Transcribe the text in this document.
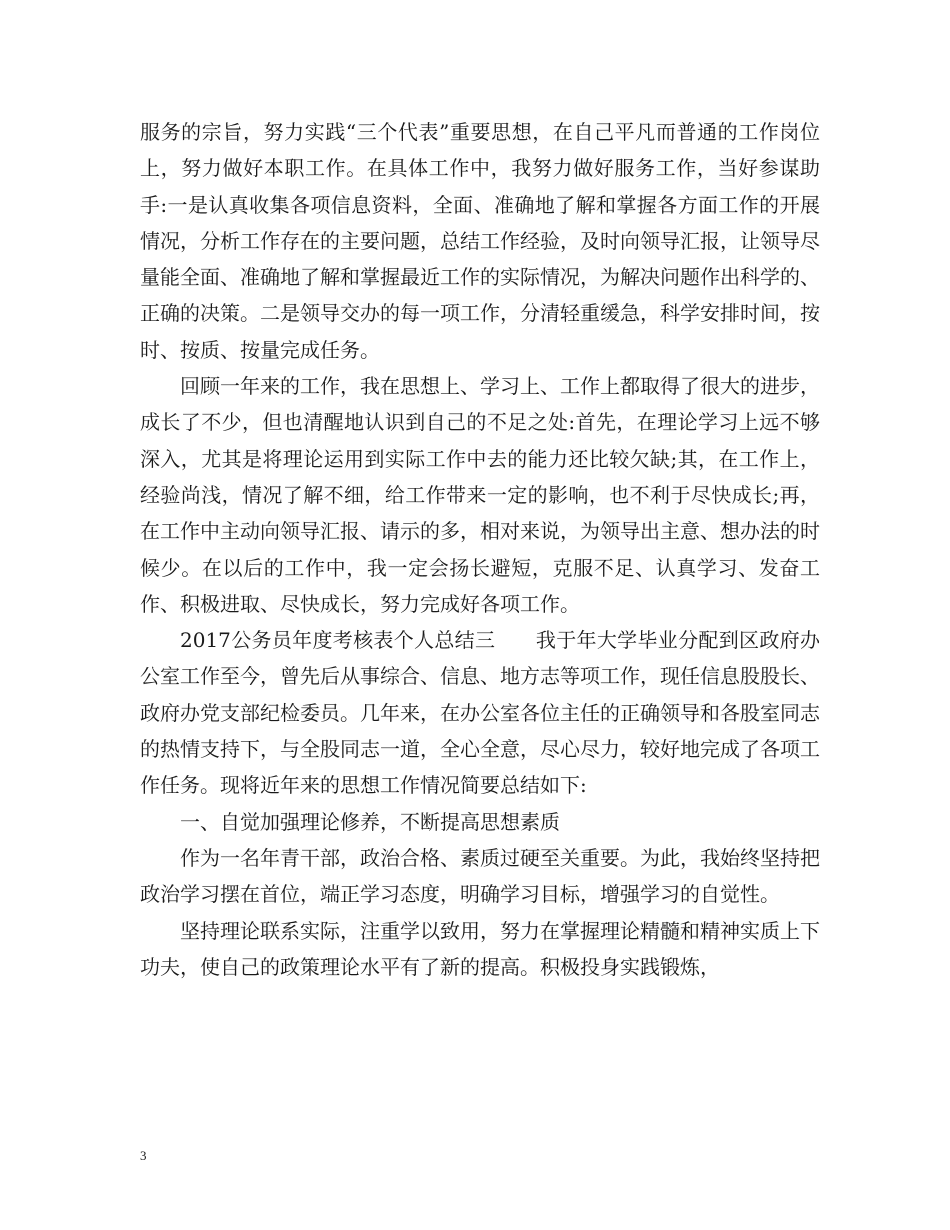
服务的宗旨，努力实践“三个代表”重要思想，在自己平凡而普通的工作岗位上，努力做好本职工作。在具体工作中，我努力做好服务工作，当好参谋助手:一是认真收集各项信息资料，全面、准确地了解和掌握各方面工作的开展情况，分析工作存在的主要问题，总结工作经验，及时向领导汇报，让领导尽量能全面、准确地了解和掌握最近工作的实际情况，为解决问题作出科学的、正确的决策。二是领导交办的每一项工作，分清轻重缓急，科学安排时间，按时、按质、按量完成任务。

回顾一年来的工作，我在思想上、学习上、工作上都取得了很大的进步，成长了不少，但也清醒地认识到自己的不足之处:首先，在理论学习上远不够深入，尤其是将理论运用到实际工作中去的能力还比较欠缺;其，在工作上，经验尚浅，情况了解不细，给工作带来一定的影响，也不利于尽快成长;再，在工作中主动向领导汇报、请示的多，相对来说，为领导出主意、想办法的时候少。在以后的工作中，我一定会扬长避短，克服不足、认真学习、发奋工作、积极进取、尽快成长，努力完成好各项工作。

2017公务员年度考核表个人总结三　　我于年大学毕业分配到区政府办公室工作至今，曾先后从事综合、信息、地方志等项工作，现任信息股股长、政府办党支部纪检委员。几年来，在办公室各位主任的正确领导和各股室同志的热情支持下，与全股同志一道，全心全意，尽心尽力，较好地完成了各项工作任务。现将近年来的思想工作情况简要总结如下:

一、自觉加强理论修养，不断提高思想素质

作为一名年青干部，政治合格、素质过硬至关重要。为此，我始终坚持把政治学习摆在首位，端正学习态度，明确学习目标，增强学习的自觉性。

坚持理论联系实际，注重学以致用，努力在掌握理论精髓和精神实质上下功夫，使自己的政策理论水平有了新的提高。积极投身实践锻炼，

3
